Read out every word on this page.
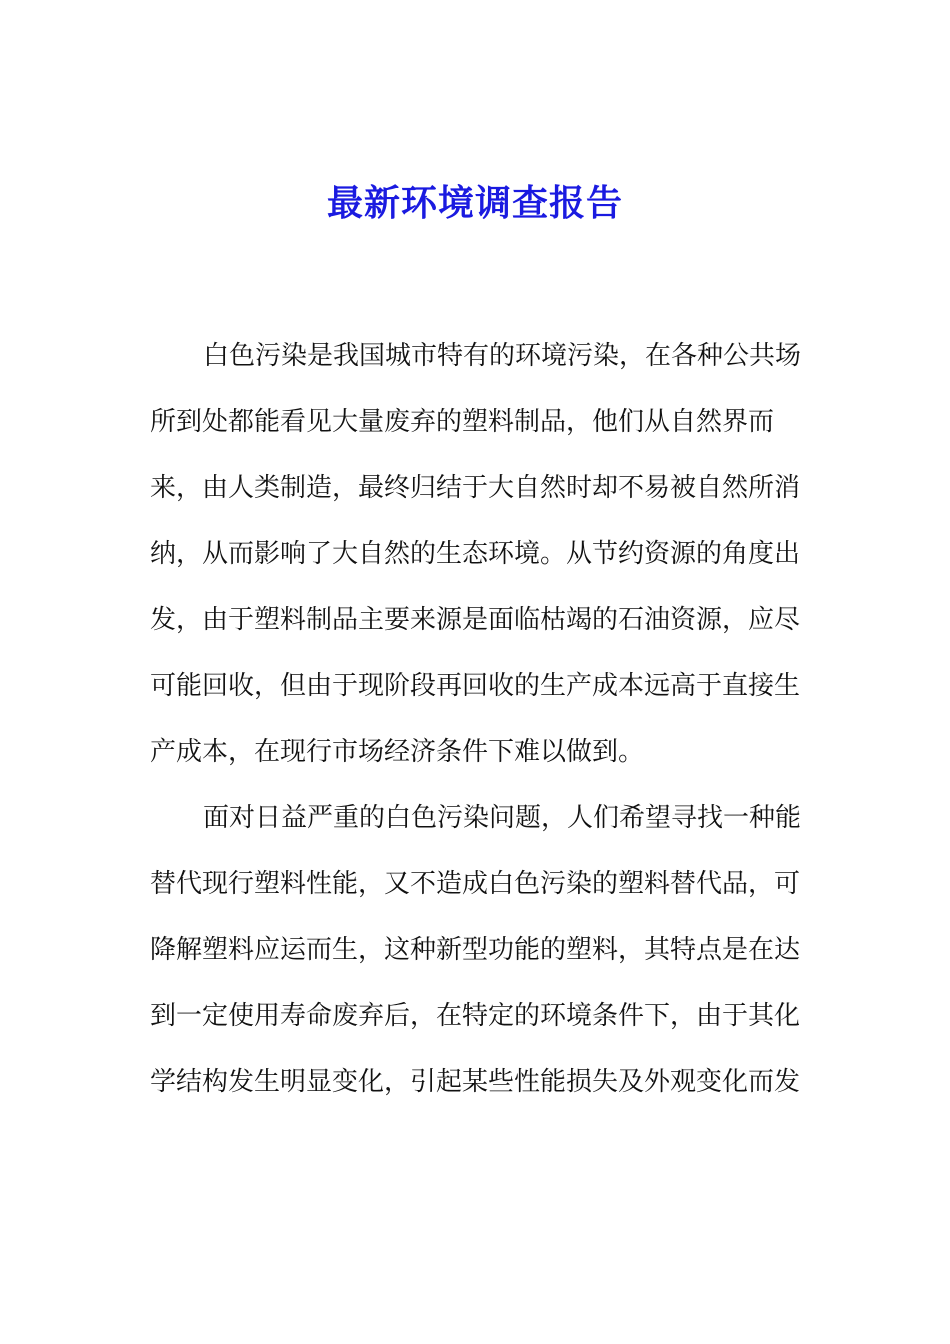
最新环境调查报告
白色污染是我国城市特有的环境污染，在各种公共场
所到处都能看见大量废弃的塑料制品，他们从自然界而
来，由人类制造，最终归结于大自然时却不易被自然所消
纳，从而影响了大自然的生态环境。从节约资源的角度出
发，由于塑料制品主要来源是面临枯竭的石油资源，应尽
可能回收，但由于现阶段再回收的生产成本远高于直接生
产成本，在现行市场经济条件下难以做到。
面对日益严重的白色污染问题，人们希望寻找一种能
替代现行塑料性能，又不造成白色污染的塑料替代品，可
降解塑料应运而生，这种新型功能的塑料，其特点是在达
到一定使用寿命废弃后，在特定的环境条件下，由于其化
学结构发生明显变化，引起某些性能损失及外观变化而发
